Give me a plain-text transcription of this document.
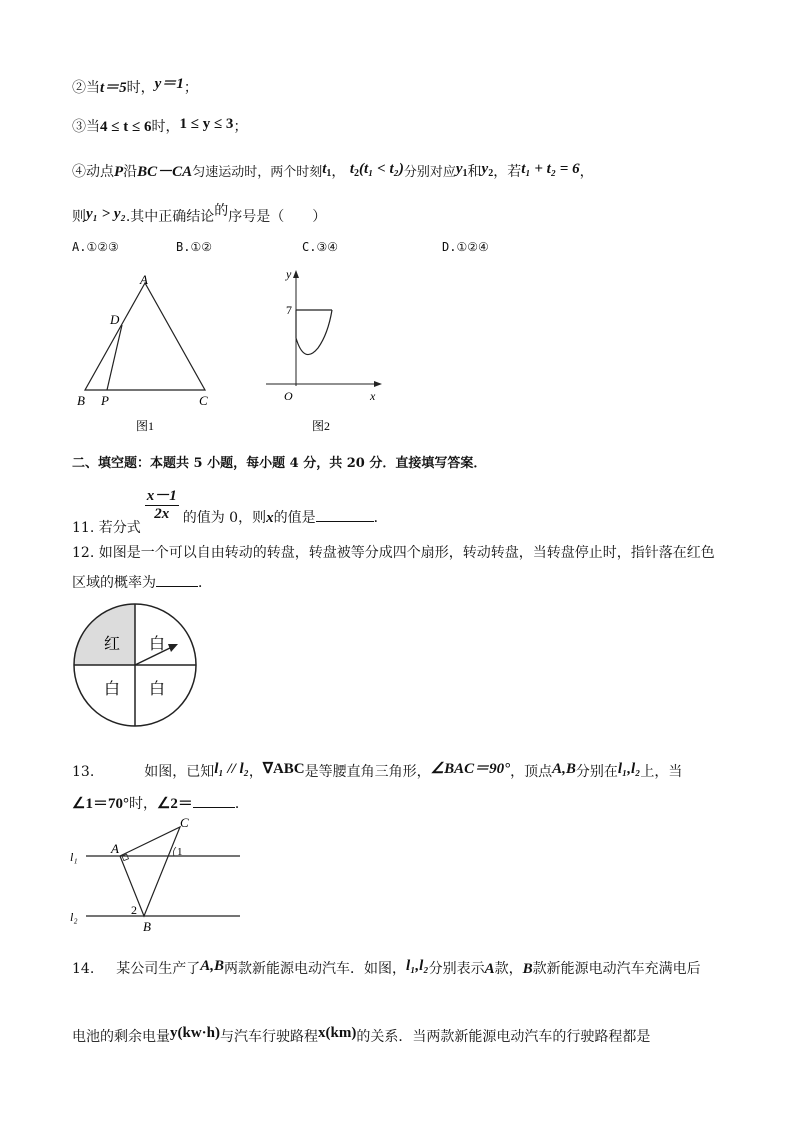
②当t＝5时，y＝1；
③当4 ≤ t ≤ 6时，1 ≤ y ≤ 3；
④动点P沿BC－CA匀速运动时，两个时刻$t_1$， $t_2(t_1 < t_2)$分别对应$y_1$和$y_2$，若t₁ + t₂ = 6，
则y₁ > y₂.其中正确结论的序号是（　　）
A.①②③	B.①②	C.③④	D.①②④
A
D
B P	C
图1
y
x
O
7
图2
二、填空题：本题共 5 小题，每小题 4 分，共 20 分．直接填写答案．
11. 若分式
$\frac{x-1}{2x}$ 的值为 0，则x的值是	．
12. 如图是一个可以自由转动的转盘，转盘被等分成四个扇形，转动转盘，当转盘停止时，指针落在红色
区域的概率为	．
红 白
白 白
13.	如图，已知l₁ // l₂，∇ABC是等腰直角三角形，∠BAC＝90°，顶点A,B分别在l₁,l₂上，当
∠1＝70°时，∠2＝	．
l₁
l₂
A
C
B
1
2
14. 某公司生产了A,B两款新能源电动汽车．如图，l₁,l₂分别表示A款，B款新能源电动汽车充满电后
电池的剩余电量y(kw·h)与汽车行驶路程x(km)的关系．当两款新能源电动汽车的行驶路程都是
